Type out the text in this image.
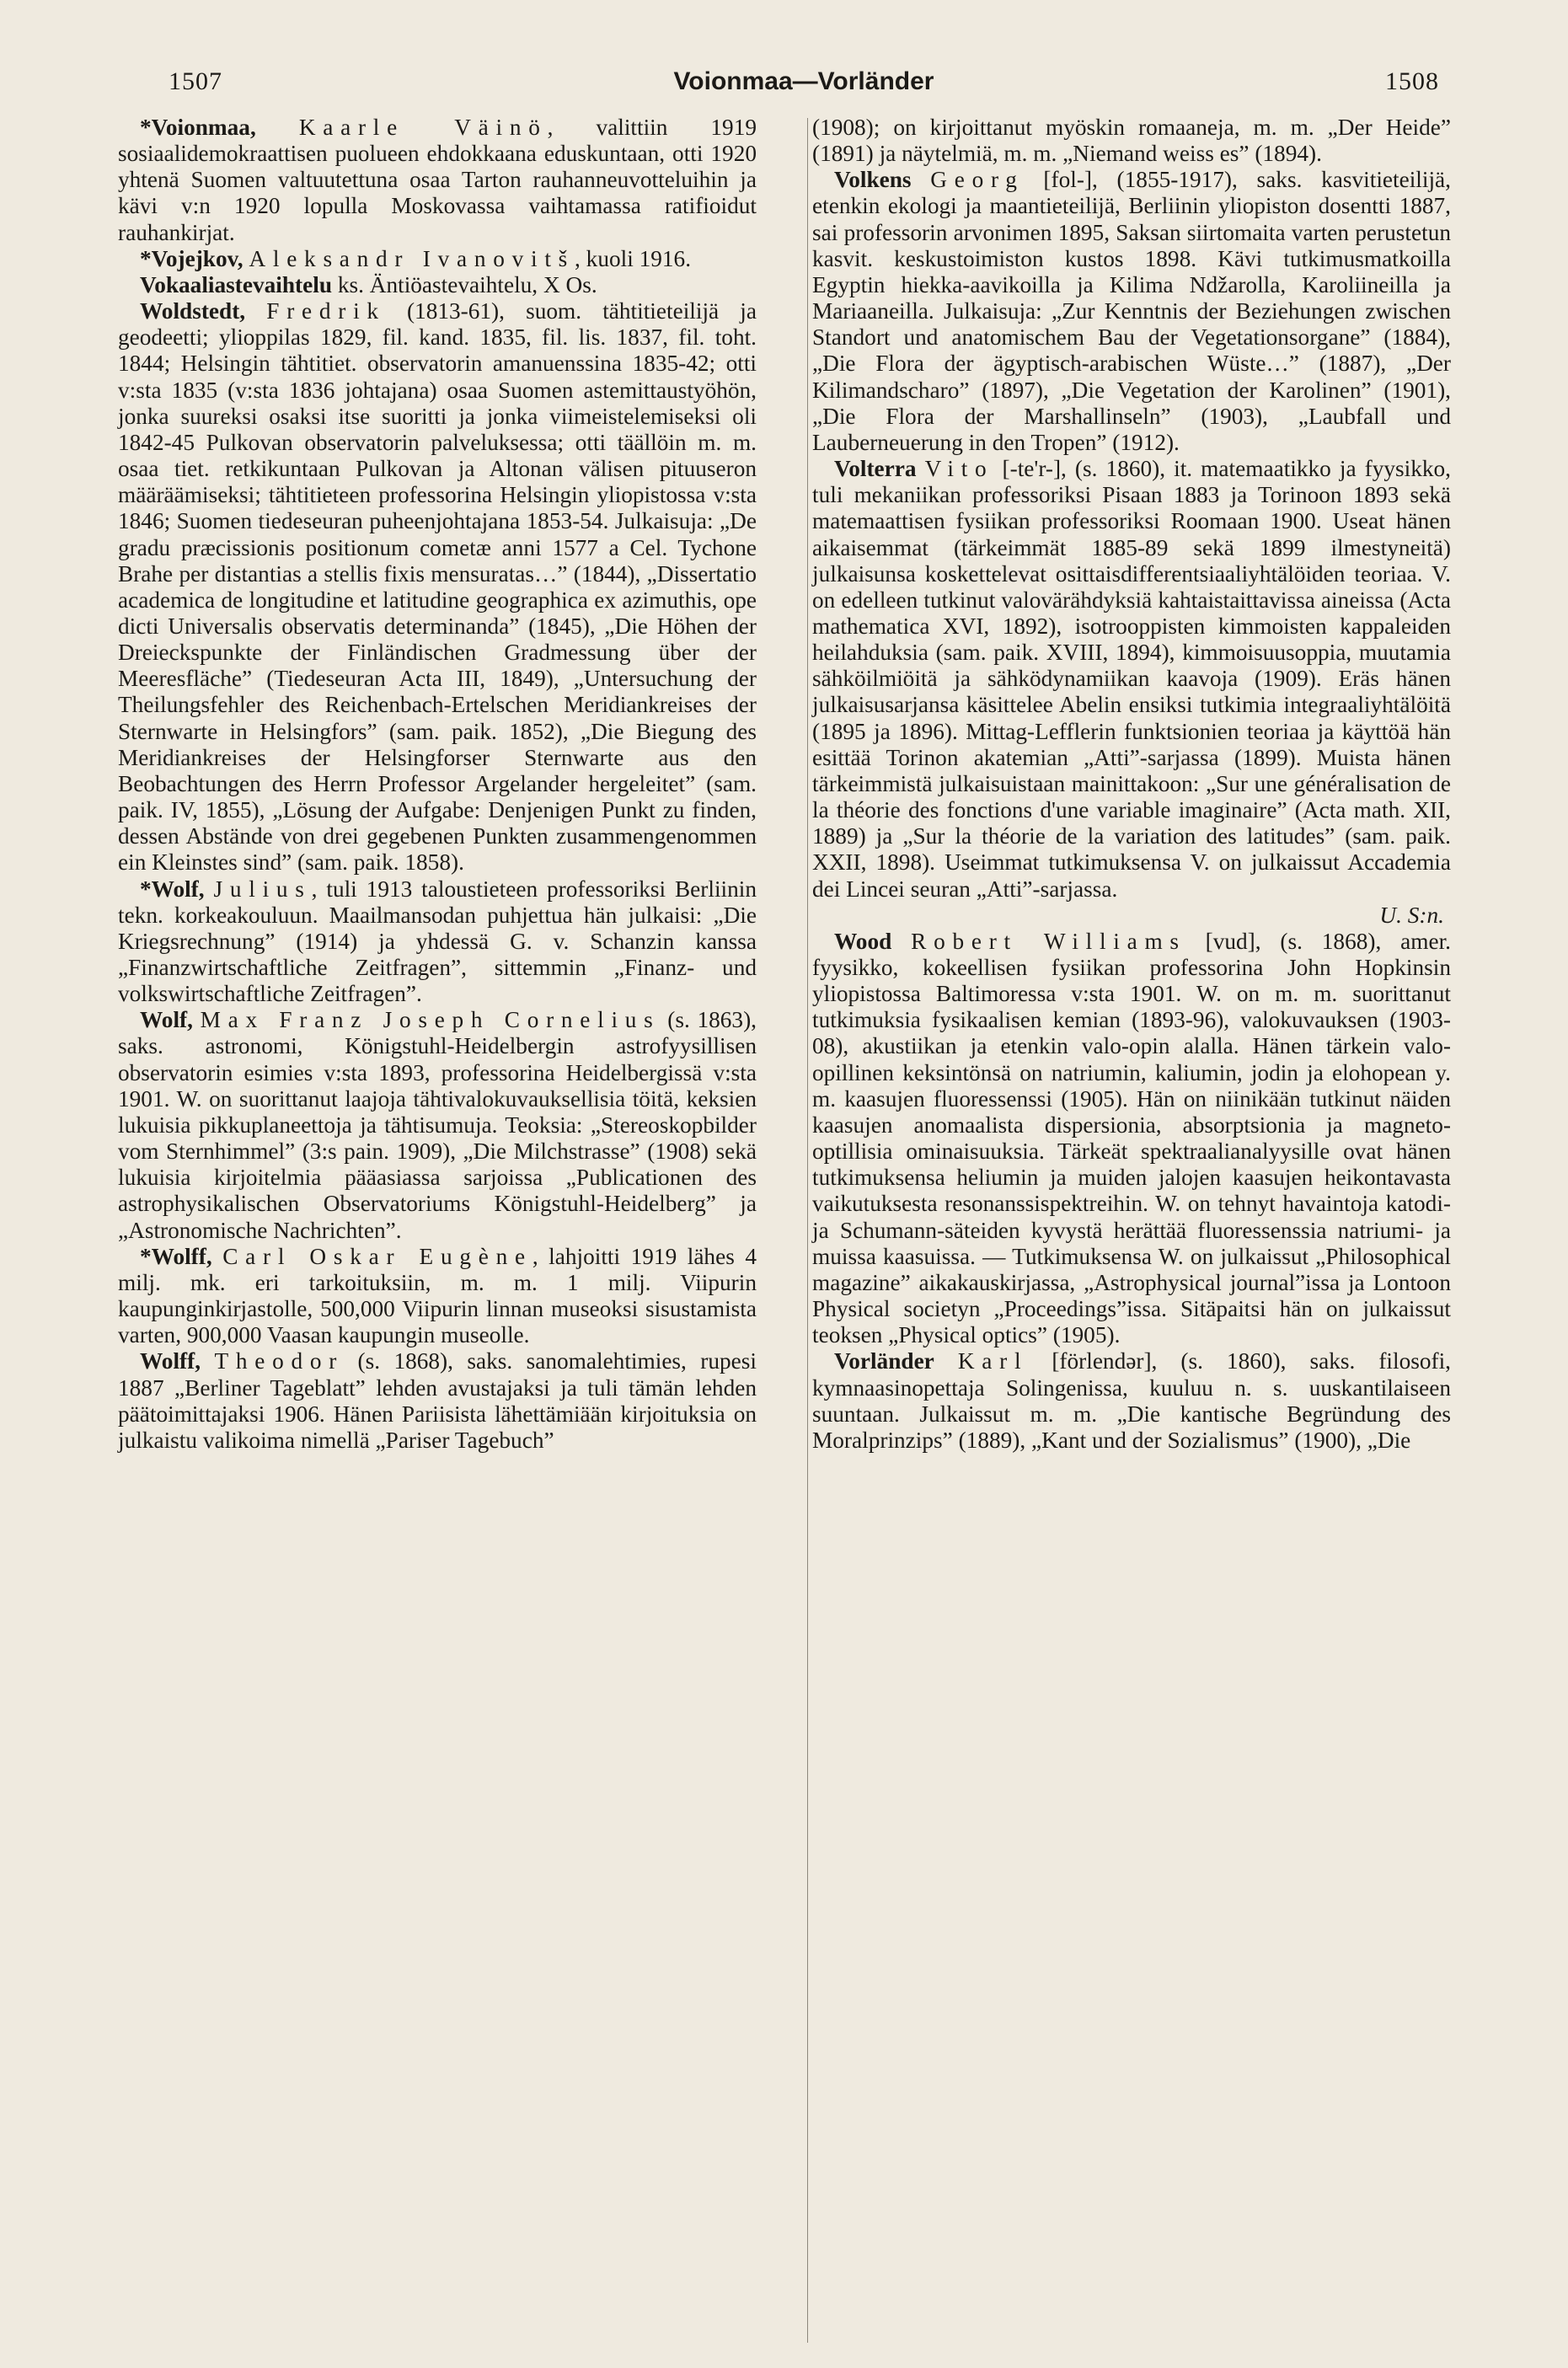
1507	Voionmaa—Vorländer	1508

*Voionmaa, Kaarle Väinö, valittiin 1919 sosiaalidemokraattisen puolueen ehdokkaana eduskuntaan, otti 1920 yhtenä Suomen valtuutettuna osaa Tarton rauhanneuvotteluihin ja kävi v:n 1920 lopulla Moskovassa vaihtamassa ratifioidut rauhankirjat.

*Vojejkov, Aleksandr Ivanovitš, kuoli 1916.

Vokaaliastevaihtelu ks. Äntiöastevaihtelu, X Os.

Woldstedt, Fredrik (1813-61), suom. tähtitieteilijä ja geodeetti; ylioppilas 1829, fil. kand. 1835, fil. lis. 1837, fil. toht. 1844; Helsingin tähtitiet. observatorin amanuenssina 1835-42; otti v:sta 1835 (v:sta 1836 johtajana) osaa Suomen astemittaustyöhön, jonka suureksi osaksi itse suoritti ja jonka viimeistelemiseksi oli 1842-45 Pulkovan observatorin palveluksessa; otti täällöin m. m. osaa tiet. retkikuntaan Pulkovan ja Altonan välisen pituuseron määräämiseksi; tähtitieteen professorina Helsingin yliopistossa v:sta 1846; Suomen tiedeseuran puheenjohtajana 1853-54. Julkaisuja: „De gradu præcissionis positionum cometæ anni 1577 a Cel. Tychone Brahe per distantias a stellis fixis mensuratas…” (1844), „Dissertatio academica de longitudine et latitudine geographica ex azimuthis, ope dicti Universalis observatis determinanda” (1845), „Die Höhen der Dreieckspunkte der Finländischen Gradmessung über der Meeresfläche” (Tiedeseuran Acta III, 1849), „Untersuchung der Theilungsfehler des Reichenbach-Ertelschen Meridiankreises der Sternwarte in Helsingfors” (sam. paik. 1852), „Die Biegung des Meridiankreises der Helsingforser Sternwarte aus den Beobachtungen des Herrn Professor Argelander hergeleitet” (sam. paik. IV, 1855), „Lösung der Aufgabe: Denjenigen Punkt zu finden, dessen Abstände von drei gegebenen Punkten zusammengenommen ein Kleinstes sind” (sam. paik. 1858).

*Wolf, Julius, tuli 1913 taloustieteen professoriksi Berliinin tekn. korkeakouluun. Maailmansodan puhjettua hän julkaisi: „Die Kriegsrechnung” (1914) ja yhdessä G. v. Schanzin kanssa „Finanzwirtschaftliche Zeitfragen”, sittemmin „Finanz- und volkswirtschaftliche Zeitfragen”.

Wolf, Max Franz Joseph Cornelius (s. 1863), saks. astronomi, Königstuhl-Heidelbergin astrofyysillisen observatorin esimies v:sta 1893, professorina Heidelbergissä v:sta 1901. W. on suorittanut laajoja tähtivalokuvauksellisia töitä, keksien lukuisia pikkuplaneettoja ja tähtisumuja. Teoksia: „Stereoskopbilder vom Sternhimmel” (3:s pain. 1909), „Die Milchstrasse” (1908) sekä lukuisia kirjoitelmia pääasiassa sarjoissa „Publicationen des astrophysikalischen Observatoriums Königstuhl-Heidelberg” ja „Astronomische Nachrichten”.

*Wolff, Carl Oskar Eugène, lahjoitti 1919 lähes 4 milj. mk. eri tarkoituksiin, m. m. 1 milj. Viipurin kaupunginkirjastolle, 500,000 Viipurin linnan museoksi sisustamista varten, 900,000 Vaasan kaupungin museolle.

Wolff, Theodor (s. 1868), saks. sanomalehtimies, rupesi 1887 „Berliner Tageblatt” lehden avustajaksi ja tuli tämän lehden päätoimittajaksi 1906. Hänen Pariisista lähettämiään kirjoituksia on julkaistu valikoima nimellä „Pariser Tagebuch”

(1908); on kirjoittanut myöskin romaaneja, m. m. „Der Heide” (1891) ja näytelmiä, m. m. „Niemand weiss es” (1894).

Volkens Georg [fol-], (1855-1917), saks. kasvitieteilijä, etenkin ekologi ja maantieteilijä, Berliinin yliopiston dosentti 1887, sai professorin arvonimen 1895, Saksan siirtomaita varten perustetun kasvit. keskustoimiston kustos 1898. Kävi tutkimusmatkoilla Egyptin hiekka-aavikoilla ja Kilima Ndžarolla, Karoliineilla ja Mariaaneilla. Julkaisuja: „Zur Kenntnis der Beziehungen zwischen Standort und anatomischem Bau der Vegetationsorgane” (1884), „Die Flora der ägyptisch-arabischen Wüste…” (1887), „Der Kilimandscharo” (1897), „Die Vegetation der Karolinen” (1901), „Die Flora der Marshallinseln” (1903), „Laubfall und Lauberneuerung in den Tropen” (1912).

Volterra Vito [-te'r-], (s. 1860), it. matemaatikko ja fyysikko, tuli mekaniikan professoriksi Pisaan 1883 ja Torinoon 1893 sekä matemaattisen fysiikan professoriksi Roomaan 1900. Useat hänen aikaisemmat (tärkeimmät 1885-89 sekä 1899 ilmestyneitä) julkaisunsa koskettelevat osittaisdifferentsiaaliyhtälöiden teoriaa. V. on edelleen tutkinut valovärähdyksiä kahtaistaittavissa aineissa (Acta mathematica XVI, 1892), isotrooppisten kimmoisten kappaleiden heilahduksia (sam. paik. XVIII, 1894), kimmoisuusoppia, muutamia sähköilmiöitä ja sähködynamiikan kaavoja (1909). Eräs hänen julkaisusarjansa käsittelee Abelin ensiksi tutkimia integraaliyhtälöitä (1895 ja 1896). Mittag-Lefflerin funktsionien teoriaa ja käyttöä hän esittää Torinon akatemian „Atti”-sarjassa (1899). Muista hänen tärkeimmistä julkaisuistaan mainittakoon: „Sur une généralisation de la théorie des fonctions d'une variable imaginaire” (Acta math. XII, 1889) ja „Sur la théorie de la variation des latitudes” (sam. paik. XXII, 1898). Useimmat tutkimuksensa V. on julkaissut Accademia dei Lincei seuran „Atti”-sarjassa.

U. S:n.

Wood Robert Williams [vud], (s. 1868), amer. fyysikko, kokeellisen fysiikan professorina John Hopkinsin yliopistossa Baltimoressa v:sta 1901. W. on m. m. suorittanut tutkimuksia fysikaalisen kemian (1893-96), valokuvauksen (1903-08), akustiikan ja etenkin valo-opin alalla. Hänen tärkein valo-opillinen keksintönsä on natriumin, kaliumin, jodin ja elohopean y. m. kaasujen fluoressenssi (1905). Hän on niinikään tutkinut näiden kaasujen anomaalista dispersionia, absorptsionia ja magneto-optillisia ominaisuuksia. Tärkeät spektraalianalyysille ovat hänen tutkimuksensa heliumin ja muiden jalojen kaasujen heikontavasta vaikutuksesta resonanssispektreihin. W. on tehnyt havaintoja katodi- ja Schumann-säteiden kyvystä herättää fluoressenssia natriumi- ja muissa kaasuissa. — Tutkimuksensa W. on julkaissut „Philosophical magazine” aikakauskirjassa, „Astrophysical journal”issa ja Lontoon Physical societyn „Proceedings”issa. Sitäpaitsi hän on julkaissut teoksen „Physical optics” (1905).

Vorländer Karl [förlendər], (s. 1860), saks. filosofi, kymnaasinopettaja Solingenissa, kuuluu n. s. uuskantilaiseen suuntaan. Julkaissut m. m. „Die kantische Begründung des Moralprinzips” (1889), „Kant und der Sozialismus” (1900), „Die
